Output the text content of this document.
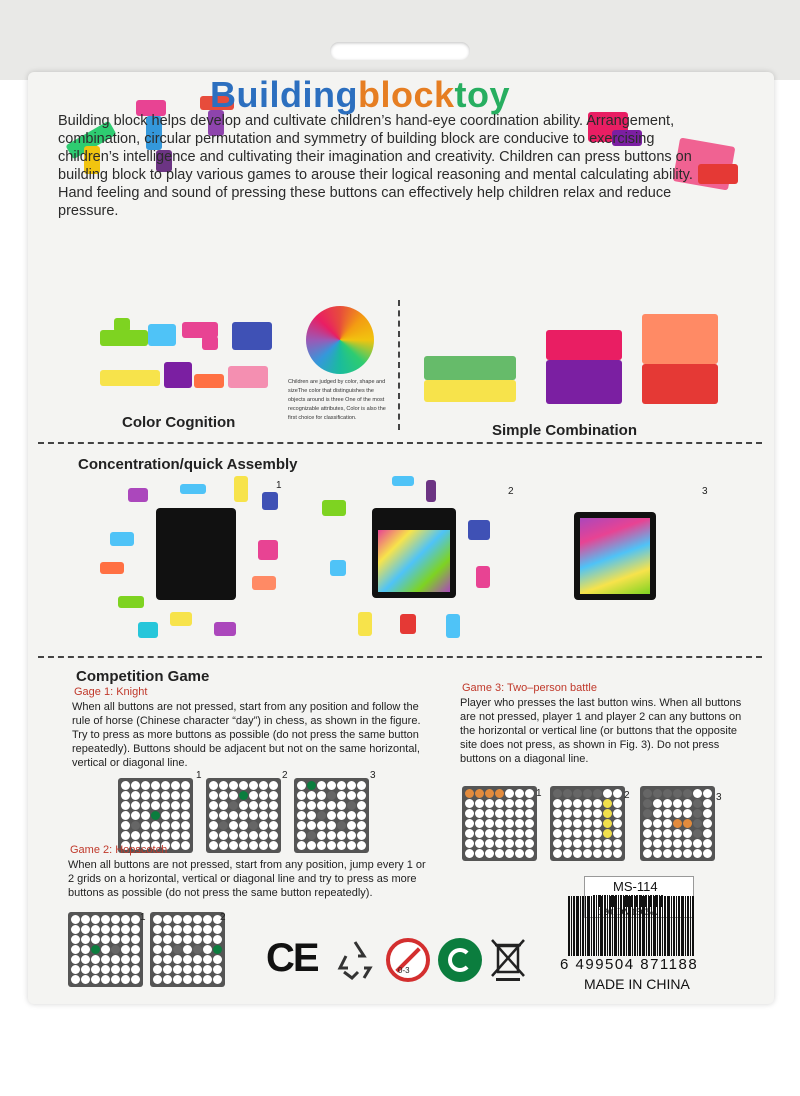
Buildingblocktoy

Building block helps develop and cultivate children’s hand-eye coordination ability. Arrangement, combination, circular permutation and symmetry of building block are conducive to exercising children’s intelligence and cultivating their imagination and creativity. Children can press buttons on building block to play various games to arouse their logical reasoning and mental calculating ability. Hand feeling and sound of pressing these buttons can effectively help children relax and reduce pressure.

Children are judged by color, shape and sizeThe color that distinguishes the objects around is three One of the most recognizable attributes, Color is also the first choice for classification.

Color Cognition	Simple Combination
Concentration/quick Assembly
1
2	3
Competition Game
Gage 1: Knight

When all buttons are not pressed, start from any position and follow the rule of horse (Chinese character “day”) in chess, as shown in the figure. Try to press as more buttons as possible (do not press the same button repeatedly). Buttons should be adjacent but not on the same horizontal, vertical or diagonal line.

1	2	3
Game 2: Hopscotch

When all buttons are not pressed, start from any position, jump every 1 or 2 grids on a horizontal, vertical or diagonal line and try to press as more buttons as possible (do not press the same button repeatedly).

1	2
Game 3: Two–person battle

Player who presses the last button wins. When all buttons are not pressed, player 1 and player 2 can any buttons on the horizontal or vertical line (or buttons that the opposite site does not press, as shown in Fig. 3). Do not press buttons on a diagonal line.

1	2	3
CE	0-3
MS-114
6 499504 871188
MADE IN CHINA
